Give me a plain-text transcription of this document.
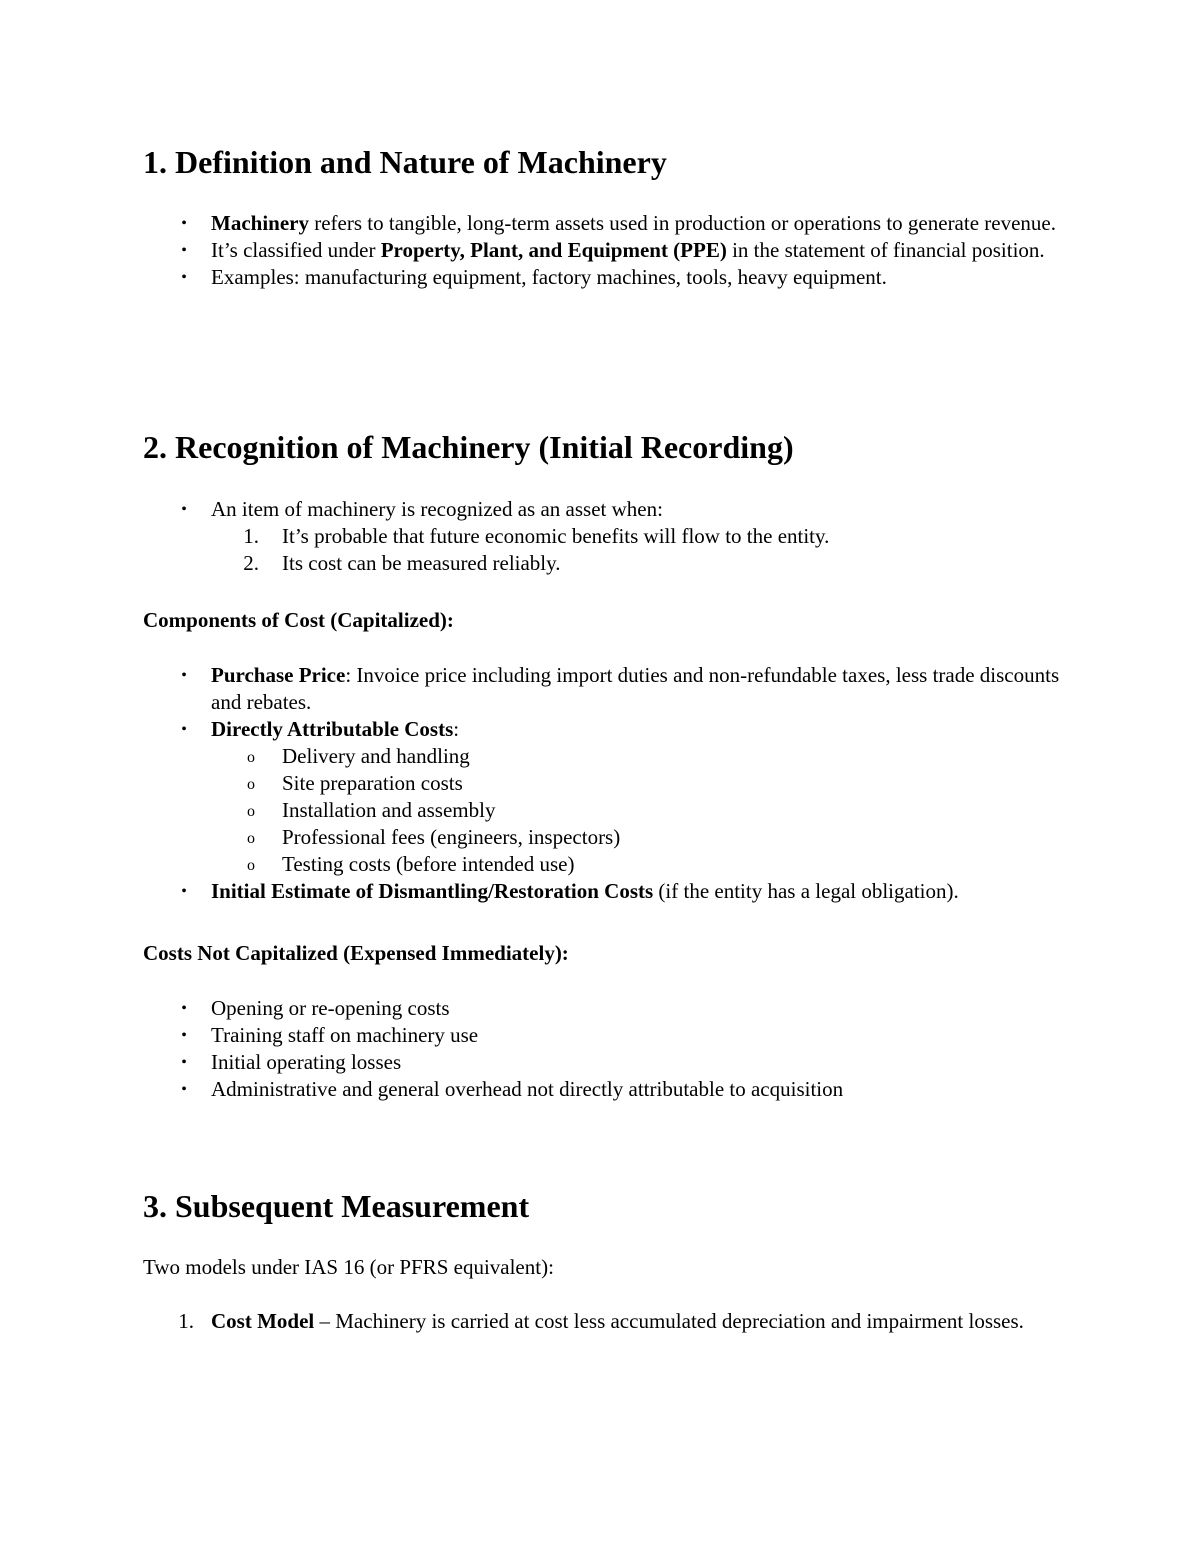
1. Definition and Nature of Machinery
•	Machinery refers to tangible, long-term assets used in production or operations to generate revenue.
•	It’s classified under Property, Plant, and Equipment (PPE) in the statement of financial position.
•	Examples: manufacturing equipment, factory machines, tools, heavy equipment.
2. Recognition of Machinery (Initial Recording)
•	An item of machinery is recognized as an asset when:
1. It’s probable that future economic benefits will flow to the entity.
2. Its cost can be measured reliably.
Components of Cost (Capitalized):
•	Purchase Price: Invoice price including import duties and non-refundable taxes, less trade discounts and rebates.
•	Directly Attributable Costs:
o Delivery and handling
o Site preparation costs
o Installation and assembly
o Professional fees (engineers, inspectors)
o Testing costs (before intended use)
•	Initial Estimate of Dismantling/Restoration Costs (if the entity has a legal obligation).
Costs Not Capitalized (Expensed Immediately):
•	Opening or re-opening costs
•	Training staff on machinery use
•	Initial operating losses
•	Administrative and general overhead not directly attributable to acquisition
3. Subsequent Measurement
Two models under IAS 16 (or PFRS equivalent):
1. Cost Model – Machinery is carried at cost less accumulated depreciation and impairment losses.
